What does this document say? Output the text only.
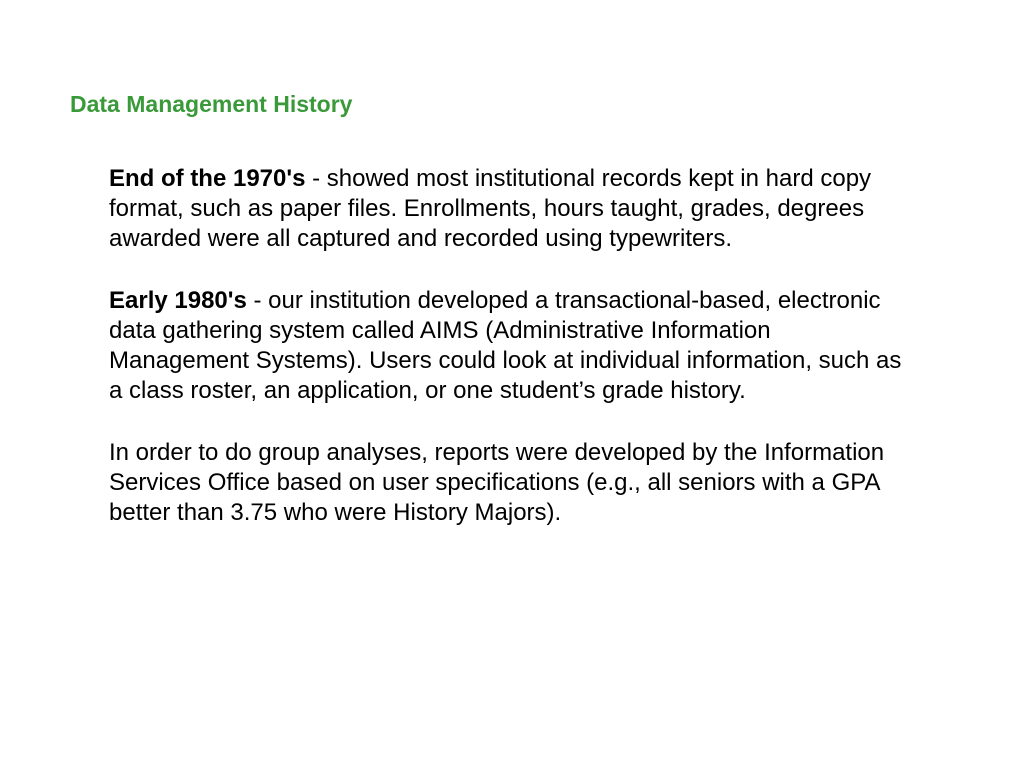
Data Management History

End of the 1970's - showed most institutional records kept in hard copy format, such as paper files. Enrollments, hours taught, grades, degrees awarded were all captured and recorded using typewriters.

Early 1980's - our institution developed a transactional-based, electronic data gathering system called AIMS (Administrative Information Management Systems). Users could look at individual information, such as a class roster, an application, or one student’s grade history.

In order to do group analyses, reports were developed by the Information Services Office based on user specifications (e.g., all seniors with a GPA better than 3.75 who were History Majors).
